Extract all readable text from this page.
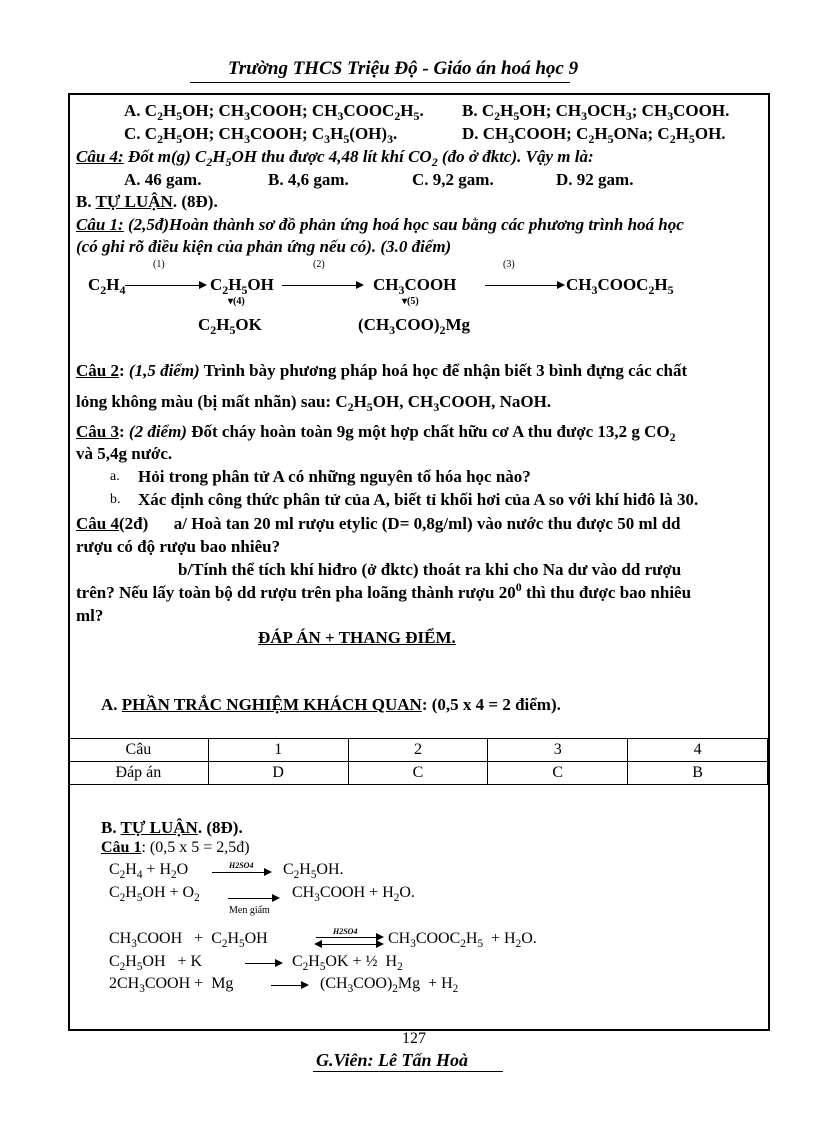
Trường THCS Triệu Độ - Giáo án hoá học 9
A. $C_2H_5OH$; $CH_3COOH$; $CH_3COOC_2H_5$. B. $C_2H_5OH$; $CH_3OCH_3$; $CH_3COOH$.
C. $C_2H_5OH$; $CH_3COOH$; $C_3H_5(OH)_3$.	D. $CH_3COOH$; $C_2H_5ONa$; $C_2H_5OH$.
Câu 4: Đốt m(g) $C_2H_5OH$ thu được 4,48 lít khí $CO_2$ (đo ở đktc). Vậy m là:
A. 46 gam.	B. 4,6 gam.	C. 9,2 gam.	D. 92 gam.
B. TỰ LUẬN. (8Đ).
Câu 1: (2,5đ)Hoàn thành sơ đồ phản ứng hoá học sau bằng các phương trình hoá học
(có ghi rõ điều kiện của phản ứng nếu có). (3.0 điểm)
(1)	(2)	(3)
$C_2H_4$	$C_2H_5OH$	$CH_3COOH$	$CH_3COOC_2H_5$
▾(4)	▾(5)
$C_2H_5OK$	$(CH_3COO)_2Mg$
Câu 2: (1,5 điểm) Trình bày phương pháp hoá học để nhận biết 3 bình đựng các chất
lỏng không màu (bị mất nhãn) sau: $C_2H_5OH$, $CH_3COOH$, NaOH.
Câu 3: (2 điểm) Đốt cháy hoàn toàn 9g một hợp chất hữu cơ A thu được 13,2 g $CO_2$
và 5,4g nước.
a. Hỏi trong phân tử A có những nguyên tố hóa học nào?
b. Xác định công thức phân tử của A, biết tỉ khối hơi của A so với khí hiđô là 30.
Câu 4(2đ) a/ Hoà tan 20 ml rượu etylic (D= 0,8g/ml) vào nước thu được 50 ml dd
rượu có độ rượu bao nhiêu?
b/Tính thể tích khí hiđro (ở đktc) thoát ra khi cho Na dư vào dd rượu
trên? Nếu lấy toàn bộ dd rượu trên pha loãng thành rượu $20^0$ thì thu được bao nhiêu
ml?
ĐÁP ÁN + THANG ĐIỂM.
A. PHẦN TRẮC NGHIỆM KHÁCH QUAN: (0,5 x 4 = 2 điểm).
Câu	1	2	3	4
Đáp án	D	C	C	B
B. TỰ LUẬN. (8Đ).
Câu 1: (0,5 x 5 = 2,5đ)
$C_2H_4 + H_2O$	H2SO4 $C_2H_5OH$.
$C_2H_5OH + O_2$	$CH_3COOH + H_2O$.
Men giấm
$CH_3COOH + C_2H_5OH$	H2SO4 $CH_3COOC_2H_5 + H_2O$.
$C_2H_5OH + K$	$C_2H_5OK$ + ½  $H_2$
$2CH_3COOH + Mg$	$(CH_3COO)_2Mg + H_2$
127
G.Viên: Lê Tấn Hoà
